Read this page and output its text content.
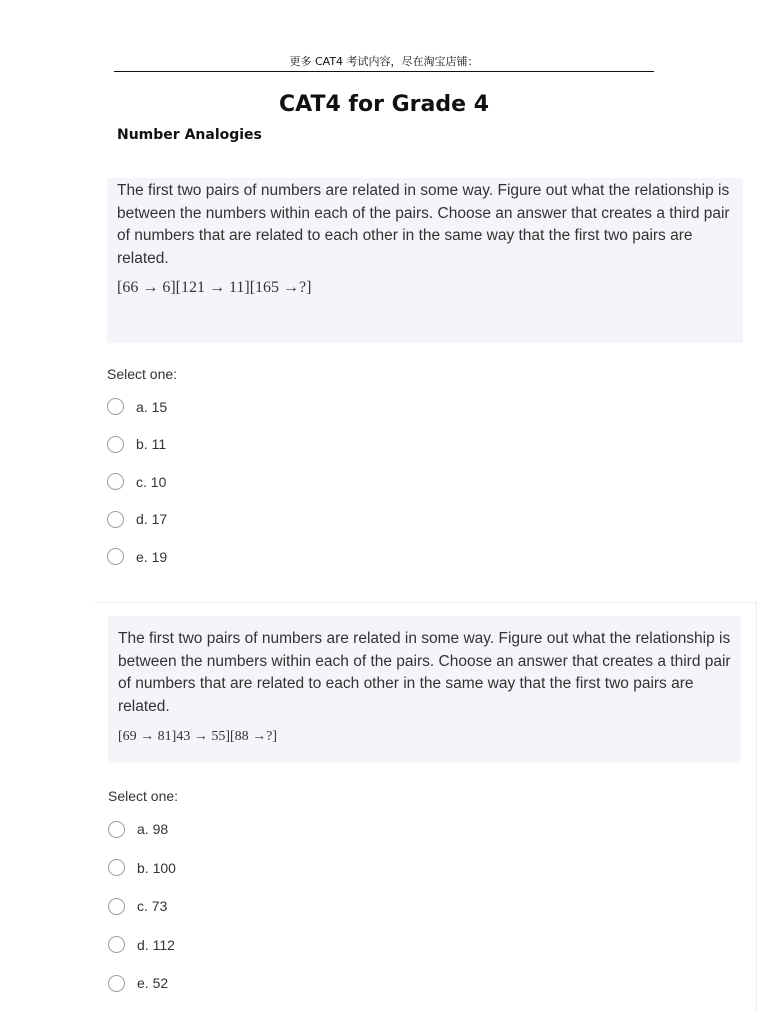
更多 CAT4 考试内容，尽在淘宝店铺：
CAT4 for Grade 4
Number Analogies
The first two pairs of numbers are related in some way. Figure out what the relationship is between the numbers within each of the pairs. Choose an answer that creates a third pair of numbers that are related to each other in the same way that the first two pairs are related.
[66 → 6][121 → 11][165 →?]
Select one:
a. 15
b. 11
c. 10
d. 17
e. 19
The first two pairs of numbers are related in some way. Figure out what the relationship is between the numbers within each of the pairs. Choose an answer that creates a third pair of numbers that are related to each other in the same way that the first two pairs are related.
[69 → 81]43 → 55][88 →?]
Select one:
a. 98
b. 100
c. 73
d. 112
e. 52
